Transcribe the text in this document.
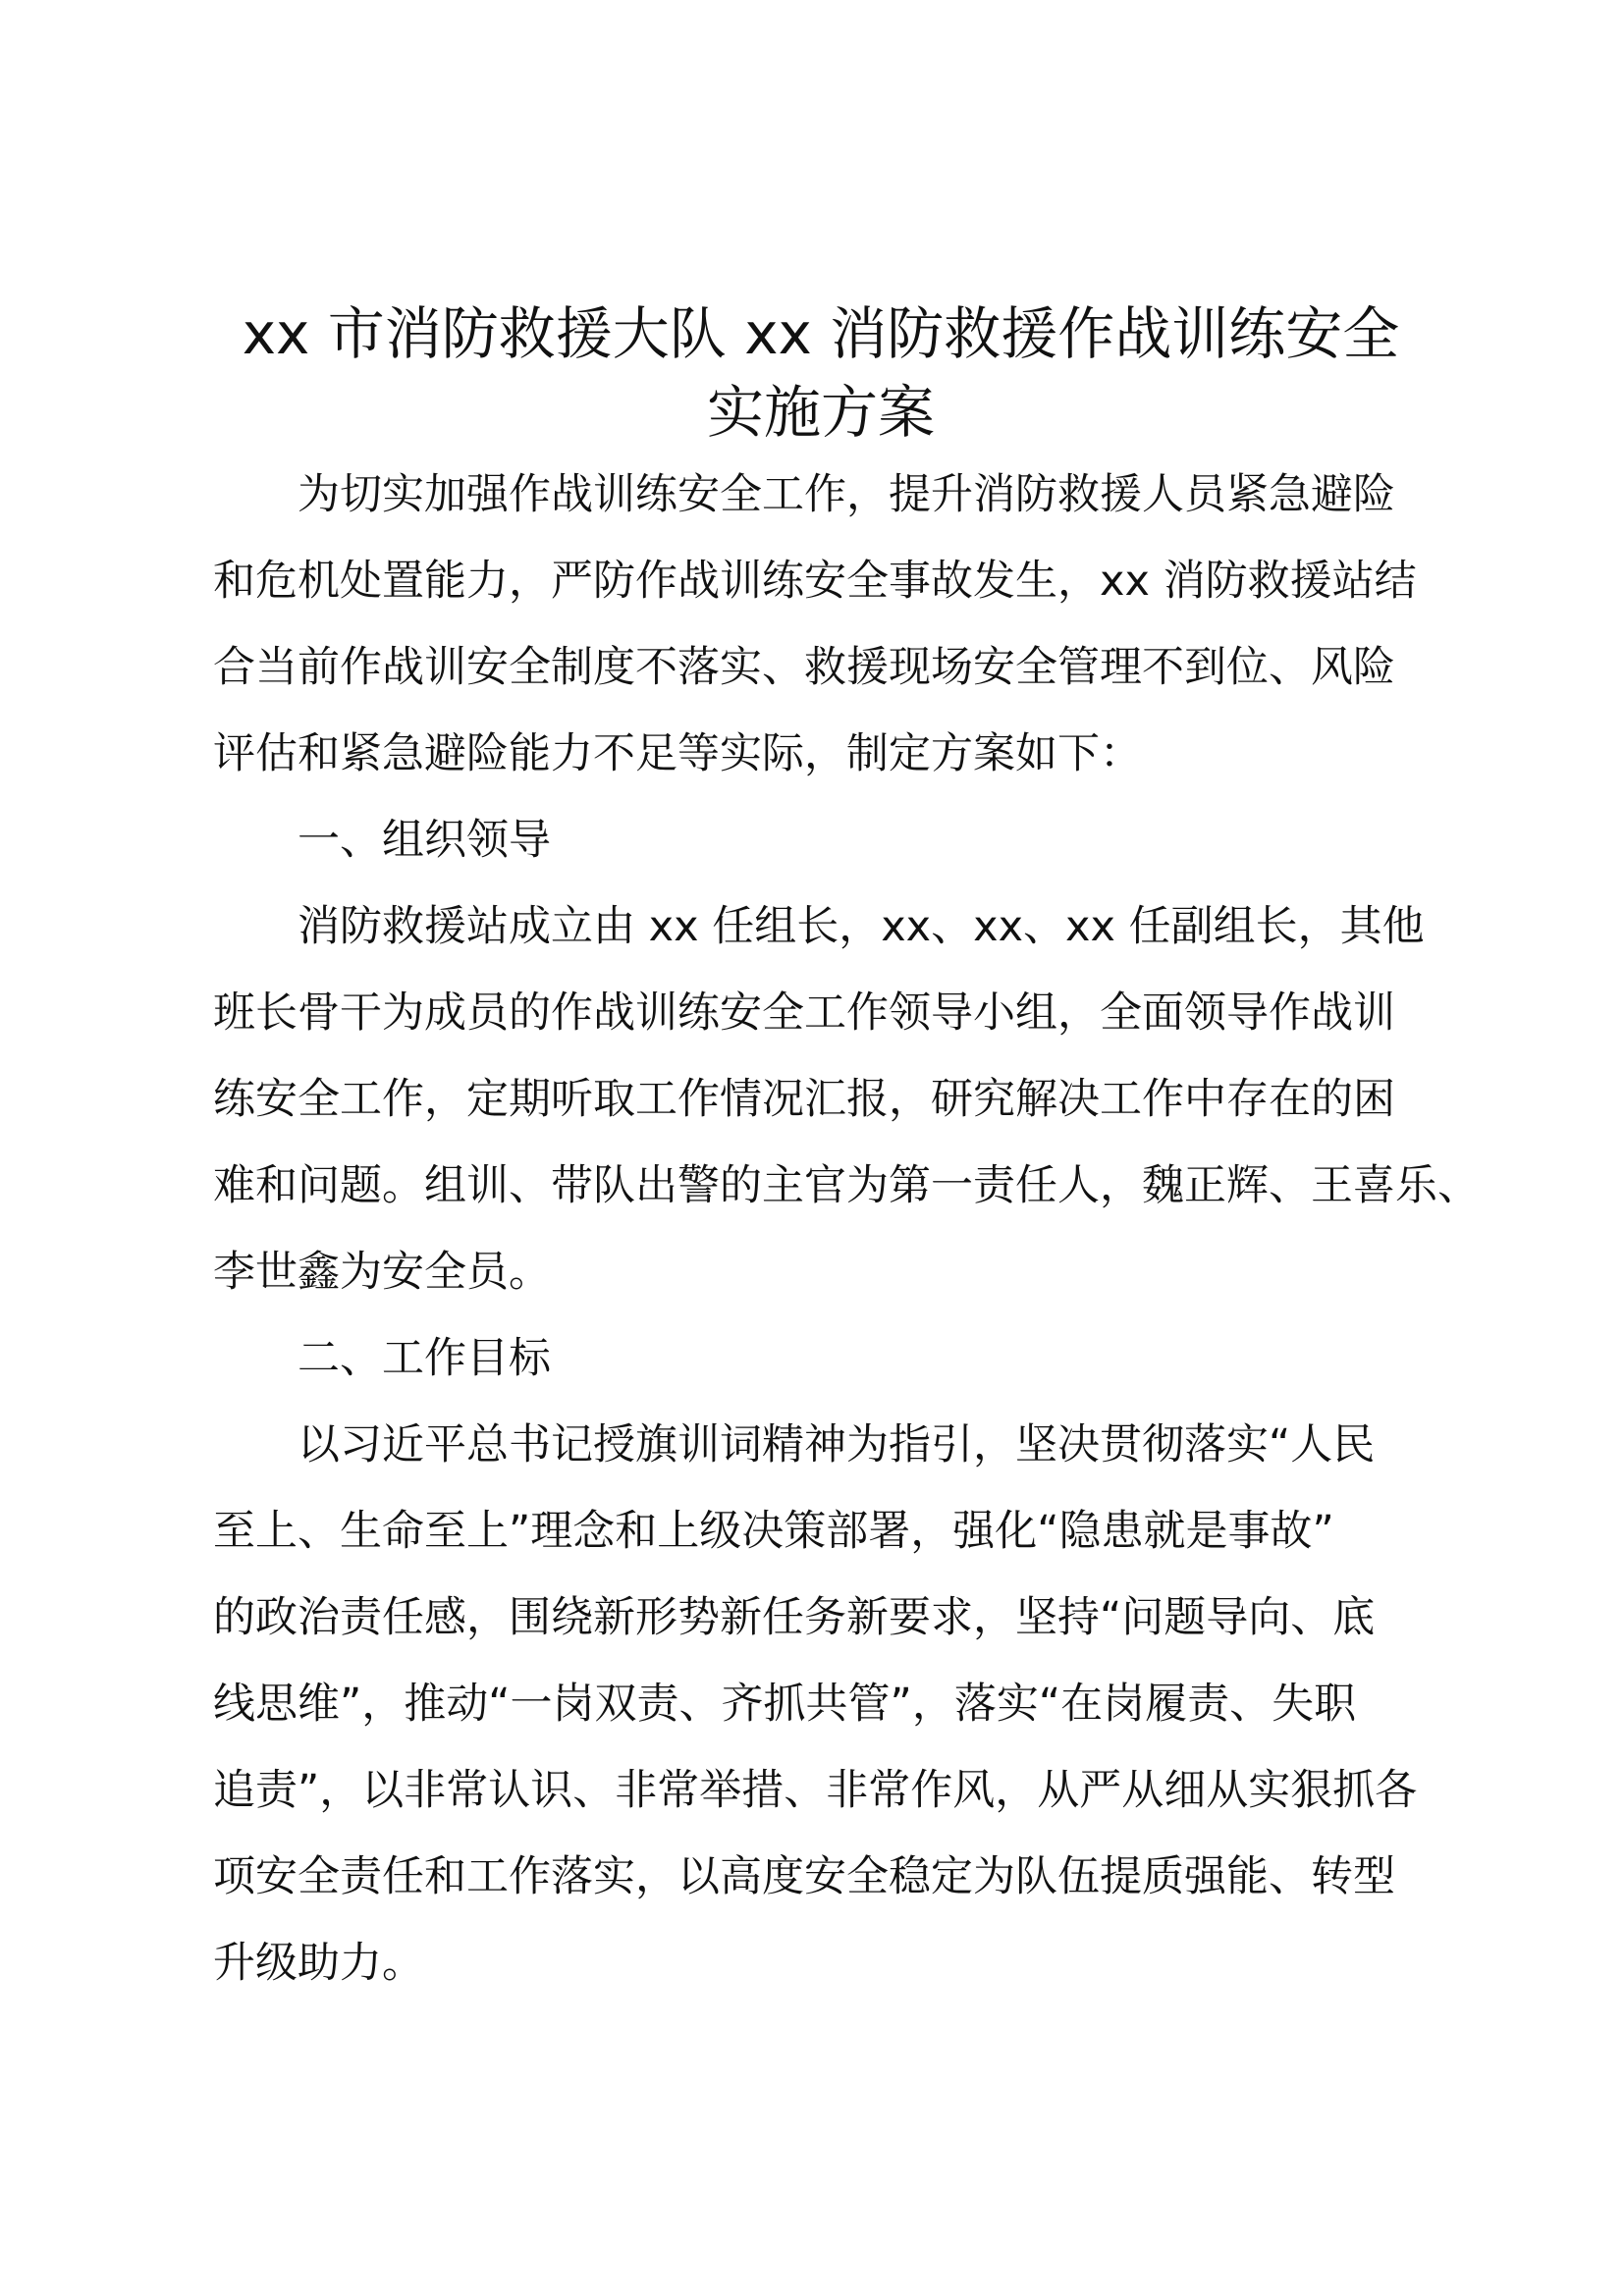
xx 市消防救援大队 xx 消防救援作战训练安全
实施方案

为切实加强作战训练安全工作，提升消防救援人员紧急避险
和危机处置能力，严防作战训练安全事故发生，xx 消防救援站结
合当前作战训安全制度不落实、救援现场安全管理不到位、风险
评估和紧急避险能力不足等实际，制定方案如下：

一、组织领导

消防救援站成立由 xx 任组长，xx、xx、xx 任副组长，其他
班长骨干为成员的作战训练安全工作领导小组，全面领导作战训
练安全工作，定期听取工作情况汇报，研究解决工作中存在的困
难和问题。组训、带队出警的主官为第一责任人，魏正辉、王喜乐、
李世鑫为安全员。

二、工作目标

以习近平总书记授旗训词精神为指引，坚决贯彻落实“人民
至上、生命至上”理念和上级决策部署，强化“隐患就是事故”
的政治责任感，围绕新形势新任务新要求，坚持“问题导向、底
线思维”，推动“一岗双责、齐抓共管”，落实“在岗履责、失职
追责”，以非常认识、非常举措、非常作风，从严从细从实狠抓各
项安全责任和工作落实，以高度安全稳定为队伍提质强能、转型
升级助力。
